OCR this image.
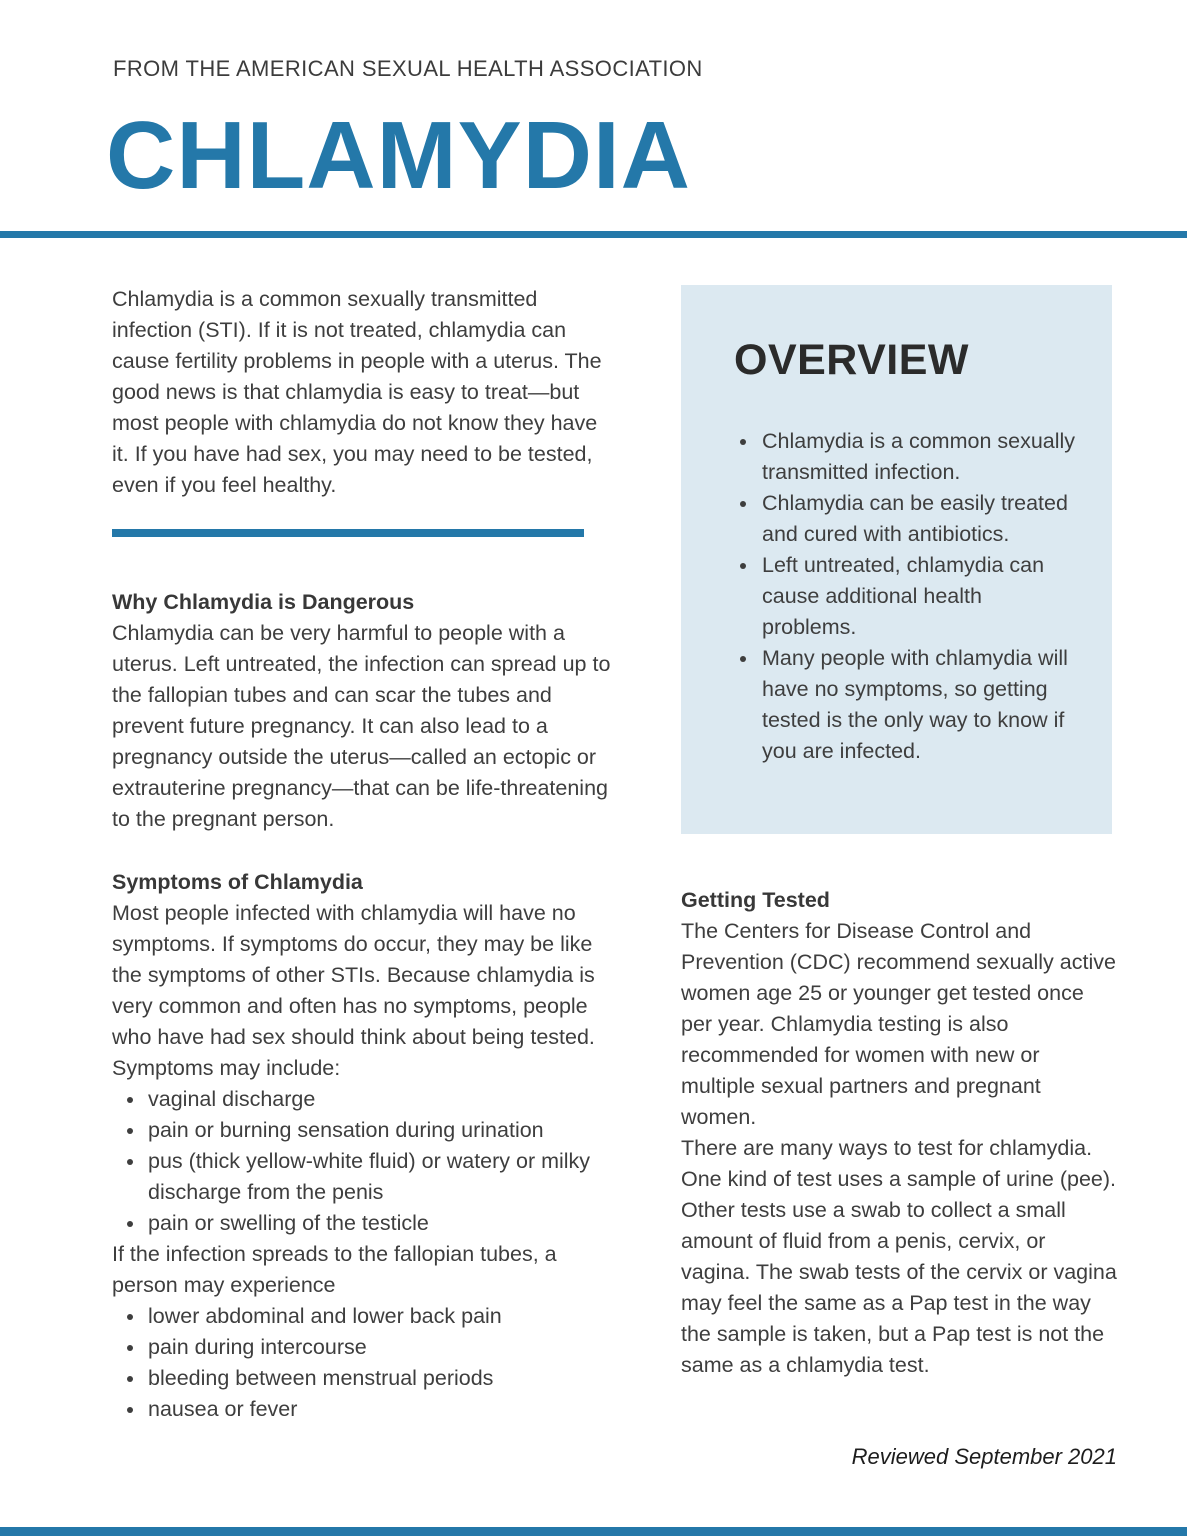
FROM THE AMERICAN SEXUAL HEALTH ASSOCIATION
CHLAMYDIA

Chlamydia is a common sexually transmitted infection (STI). If it is not treated, chlamydia can cause fertility problems in people with a uterus. The good news is that chlamydia is easy to treat—but most people with chlamydia do not know they have it. If you have had sex, you may need to be tested, even if you feel healthy.

Why Chlamydia is Dangerous

Chlamydia can be very harmful to people with a uterus. Left untreated, the infection can spread up to the fallopian tubes and can scar the tubes and prevent future pregnancy. It can also lead to a pregnancy outside the uterus—called an ectopic or extrauterine pregnancy—that can be life-threatening to the pregnant person.

Symptoms of Chlamydia

Most people infected with chlamydia will have no symptoms. If symptoms do occur, they may be like the symptoms of other STIs. Because chlamydia is very common and often has no symptoms, people who have had sex should think about being tested.

Symptoms may include:

• vaginal discharge
• pain or burning sensation during urination
• pus (thick yellow-white fluid) or watery or milky discharge from the penis
• pain or swelling of the testicle

If the infection spreads to the fallopian tubes, a person may experience

• lower abdominal and lower back pain
• pain during intercourse
• bleeding between menstrual periods
• nausea or fever
OVERVIEW
• Chlamydia is a common sexually transmitted infection.
• Chlamydia can be easily treated and cured with antibiotics.
• Left untreated, chlamydia can cause additional health problems.
• Many people with chlamydia will have no symptoms, so getting tested is the only way to know if you are infected.
Getting Tested

The Centers for Disease Control and Prevention (CDC) recommend sexually active women age 25 or younger get tested once per year. Chlamydia testing is also recommended for women with new or multiple sexual partners and pregnant women.

There are many ways to test for chlamydia. One kind of test uses a sample of urine (pee). Other tests use a swab to collect a small amount of fluid from a penis, cervix, or vagina. The swab tests of the cervix or vagina may feel the same as a Pap test in the way the sample is taken, but a Pap test is not the same as a chlamydia test.

Reviewed September 2021
